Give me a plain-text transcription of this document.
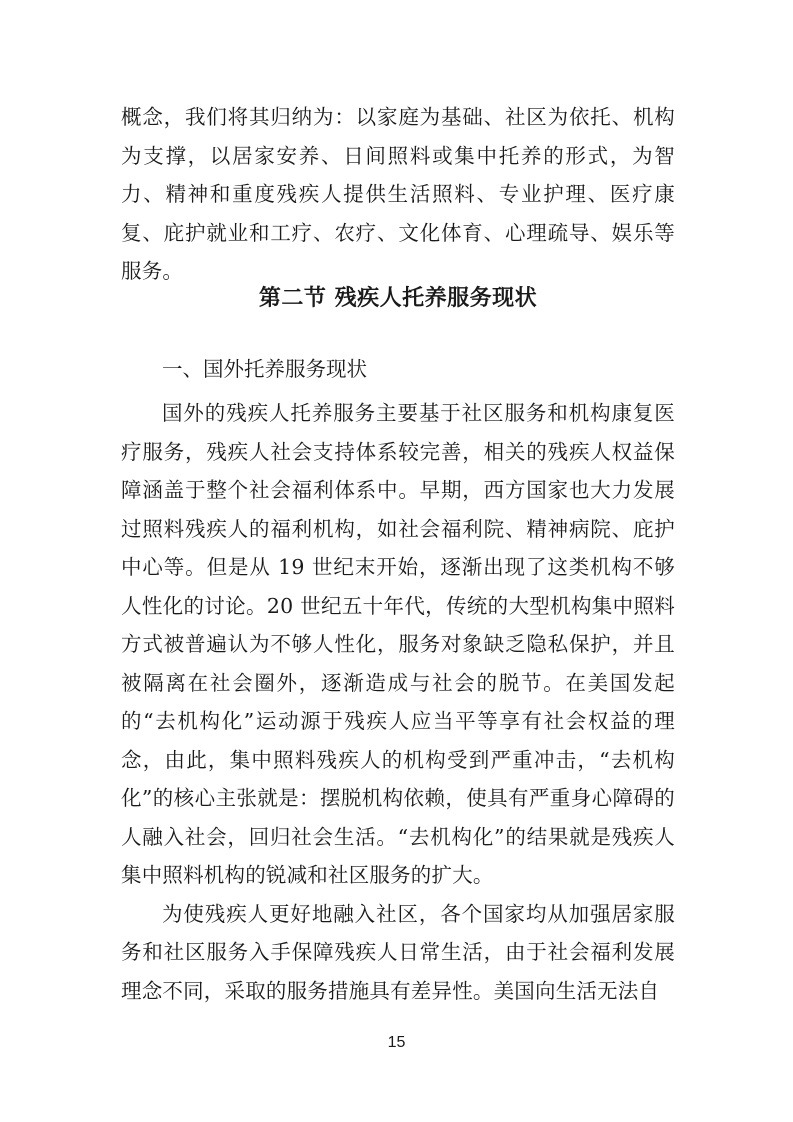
概念，我们将其归纳为：以家庭为基础、社区为依托、机构为支撑，以居家安养、日间照料或集中托养的形式，为智力、精神和重度残疾人提供生活照料、专业护理、医疗康复、庇护就业和工疗、农疗、文化体育、心理疏导、娱乐等服务。
第二节 残疾人托养服务现状
一、国外托养服务现状

国外的残疾人托养服务主要基于社区服务和机构康复医疗服务，残疾人社会支持体系较完善，相关的残疾人权益保障涵盖于整个社会福利体系中。早期，西方国家也大力发展过照料残疾人的福利机构，如社会福利院、精神病院、庇护中心等。但是从 19 世纪末开始，逐渐出现了这类机构不够人性化的讨论。20 世纪五十年代，传统的大型机构集中照料方式被普遍认为不够人性化，服务对象缺乏隐私保护，并且被隔离在社会圈外，逐渐造成与社会的脱节。在美国发起的“去机构化”运动源于残疾人应当平等享有社会权益的理念，由此，集中照料残疾人的机构受到严重冲击，“去机构化”的核心主张就是：摆脱机构依赖，使具有严重身心障碍的人融入社会，回归社会生活。“去机构化”的结果就是残疾人集中照料机构的锐减和社区服务的扩大。

为使残疾人更好地融入社区，各个国家均从加强居家服务和社区服务入手保障残疾人日常生活，由于社会福利发展理念不同，采取的服务措施具有差异性。美国向生活无法自

15
